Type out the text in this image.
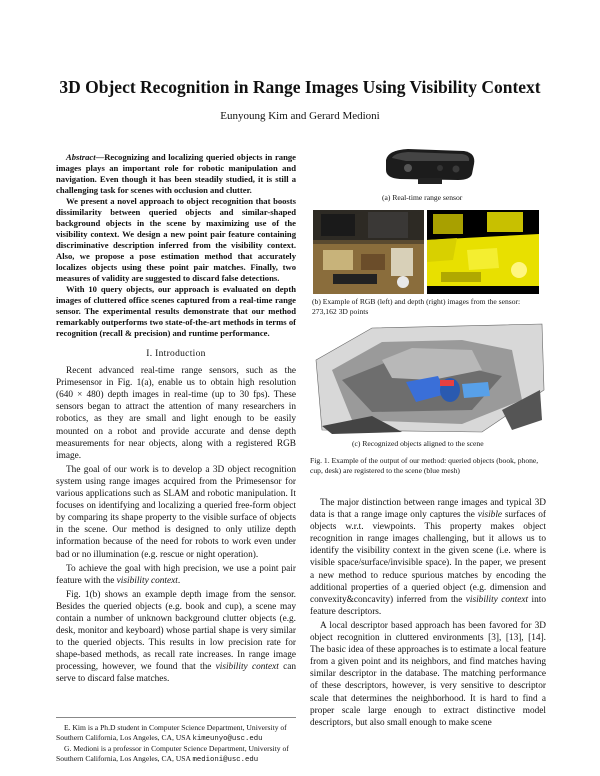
3D Object Recognition in Range Images Using Visibility Context
Eunyoung Kim and Gerard Medioni

Abstract—Recognizing and localizing queried objects in range images plays an important role for robotic manipulation and navigation. Even though it has been steadily studied, it is still a challenging task for scenes with occlusion and clutter.

We present a novel approach to object recognition that boosts dissimilarity between queried objects and similar-shaped background objects in the scene by maximizing use of the visibility context. We design a new point pair feature containing discriminative description inferred from the visibility context. Also, we propose a pose estimation method that accurately localizes objects using these point pair matches. Finally, two measures of validity are suggested to discard false detections.

With 10 query objects, our approach is evaluated on depth images of cluttered office scenes captured from a real-time range sensor. The experimental results demonstrate that our method remarkably outperforms two state-of-the-art methods in terms of recognition (recall & precision) and runtime performance.

I. Introduction

Recent advanced real-time range sensors, such as the Primesensor in Fig. 1(a), enable us to obtain high resolution (640 × 480) depth images in real-time (up to 30 fps). These sensors began to attract the attention of many researchers in robotics, as they are small and light enough to be easily mounted on a robot and provide accurate and dense depth measurements for near objects, along with a registered RGB image.

The goal of our work is to develop a 3D object recognition system using range images acquired from the Primesensor for various applications such as SLAM and robotic manipulation. It focuses on identifying and localizing a queried free-form object by comparing its shape property to the visible surface of objects in the scene. Our method is designed to only utilize depth information because of the need for robots to work even under bad or no illumination (e.g. rescue or night operation).

To achieve the goal with high precision, we use a point pair feature with the visibility context.

Fig. 1(b) shows an example depth image from the sensor. Besides the queried objects (e.g. book and cup), a scene may contain a number of unknown background clutter objects (e.g. desk, monitor and keyboard) whose partial shape is very similar to the queried objects. This results in low precision rate for shape-based methods, as recall rate increases. In range image processing, however, we found that the visibility context can serve to discard false matches.

E. Kim is a Ph.D student in Computer Science Department, University of Southern California, Los Angeles, CA, USA kimeunyo@usc.edu

G. Medioni is a professor in Computer Science Department, University of Southern California, Los Angeles, CA, USA medioni@usc.edu

(a) Real-time range sensor
(b) Example of RGB (left) and depth (right) images from the sensor: 273,162 3D points
(c) Recognized objects aligned to the scene
Fig. 1. Example of the output of our method: queried objects (book, phone, cup, desk) are registered to the scene (blue mesh)

The major distinction between range images and typical 3D data is that a range image only captures the visible surfaces of objects w.r.t. viewpoints. This property makes object recognition in range images challenging, but it allows us to identify the visibility context in the given scene (i.e. where is visible space/surface/invisible space). In the paper, we present a new method to reduce spurious matches by encoding the additional properties of a queried object (e.g. dimension and convexity&concavity) inferred from the visibility context into feature descriptors.

A local descriptor based approach has been favored for 3D object recognition in cluttered environments [3], [13], [14]. The basic idea of these approaches is to estimate a local feature from a given point and its neighbors, and find matches having similar descriptor in the database. The matching performance of these descriptors, however, is very sensitive to descriptor scale that determines the neighborhood. It is hard to find a proper scale large enough to extract distinctive model descriptors, but also small enough to make scene
